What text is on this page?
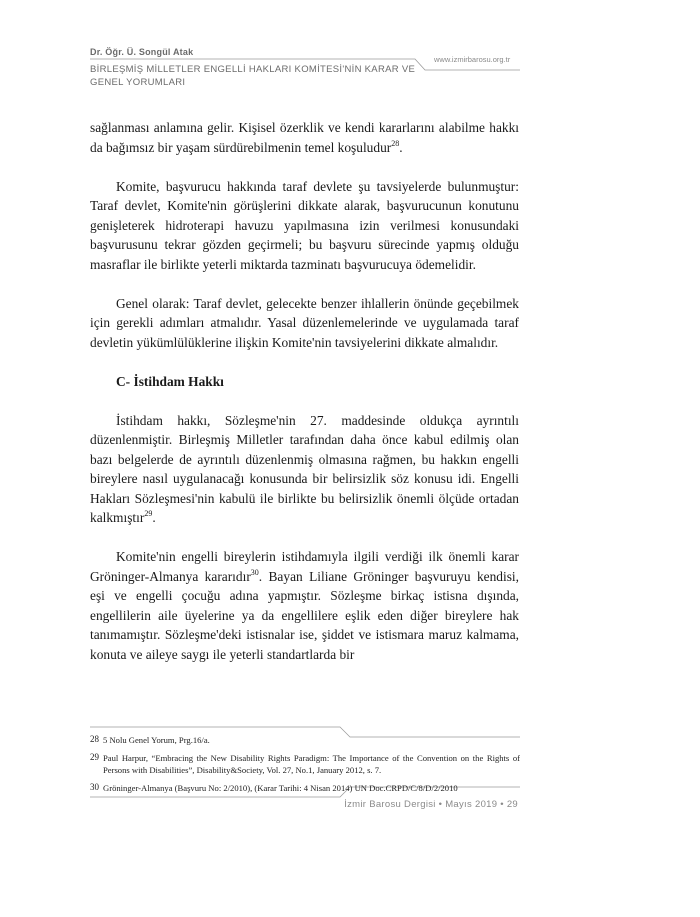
Dr. Öğr. Ü. Songül Atak
BİRLEŞMİŞ MİLLETLER ENGELLİ HAKLARI KOMİTESİ'NİN KARAR VE GENEL YORUMLARI
www.izmirbarosu.org.tr

sağlanması anlamına gelir. Kişisel özerklik ve kendi kararlarını alabilme hakkı da bağımsız bir yaşam sürdürebilmenin temel koşuludur$^{28}$.

Komite, başvurucu hakkında taraf devlete şu tavsiyelerde bulunmuştur: Taraf devlet, Komite'nin görüşlerini dikkate alarak, başvurucunun konutunu genişleterek hidroterapi havuzu yapılmasına izin verilmesi konusundaki başvurusunu tekrar gözden geçirmeli; bu başvuru sürecinde yapmış olduğu masraflar ile birlikte yeterli miktarda tazminatı başvurucuya ödemelidir.

Genel olarak: Taraf devlet, gelecekte benzer ihlallerin önünde geçebilmek için gerekli adımları atmalıdır. Yasal düzenlemelerinde ve uygulamada taraf devletin yükümlülüklerine ilişkin Komite'nin tavsiyelerini dikkate almalıdır.

C- İstihdam Hakkı

İstihdam hakkı, Sözleşme'nin 27. maddesinde oldukça ayrıntılı düzenlenmiştir. Birleşmiş Milletler tarafından daha önce kabul edilmiş olan bazı belgelerde de ayrıntılı düzenlenmiş olmasına rağmen, bu hakkın engelli bireylere nasıl uygulanacağı konusunda bir belirsizlik söz konusu idi. Engelli Hakları Sözleşmesi'nin kabulü ile birlikte bu belirsizlik önemli ölçüde ortadan kalkmıştır$^{29}$.

Komite'nin engelli bireylerin istihdamıyla ilgili verdiği ilk önemli karar Gröninger-Almanya kararıdır$^{30}$. Bayan Liliane Gröninger başvuruyu kendisi, eşi ve engelli çocuğu adına yapmıştır. Sözleşme birkaç istisna dışında, engellilerin aile üyelerine ya da engellilere eşlik eden diğer bireylere hak tanımamıştır. Sözleşme'deki istisnalar ise, şiddet ve istismara maruz kalmama, konuta ve aileye saygı ile yeterli standartlarda bir

28 5 Nolu Genel Yorum, Prg.16/a.
29 Paul Harpur, “Embracing the New Disability Rights Paradigm: The Importance of the Convention on the Rights of Persons with Disabilities”, Disability&Society, Vol. 27, No.1, January 2012, s. 7.
30 Gröninger-Almanya (Başvuru No: 2/2010), (Karar Tarihi: 4 Nisan 2014) UN Doc.CRPD/C/8/D/2/2010
İzmir Barosu Dergisi • Mayıs 2019 • 29
